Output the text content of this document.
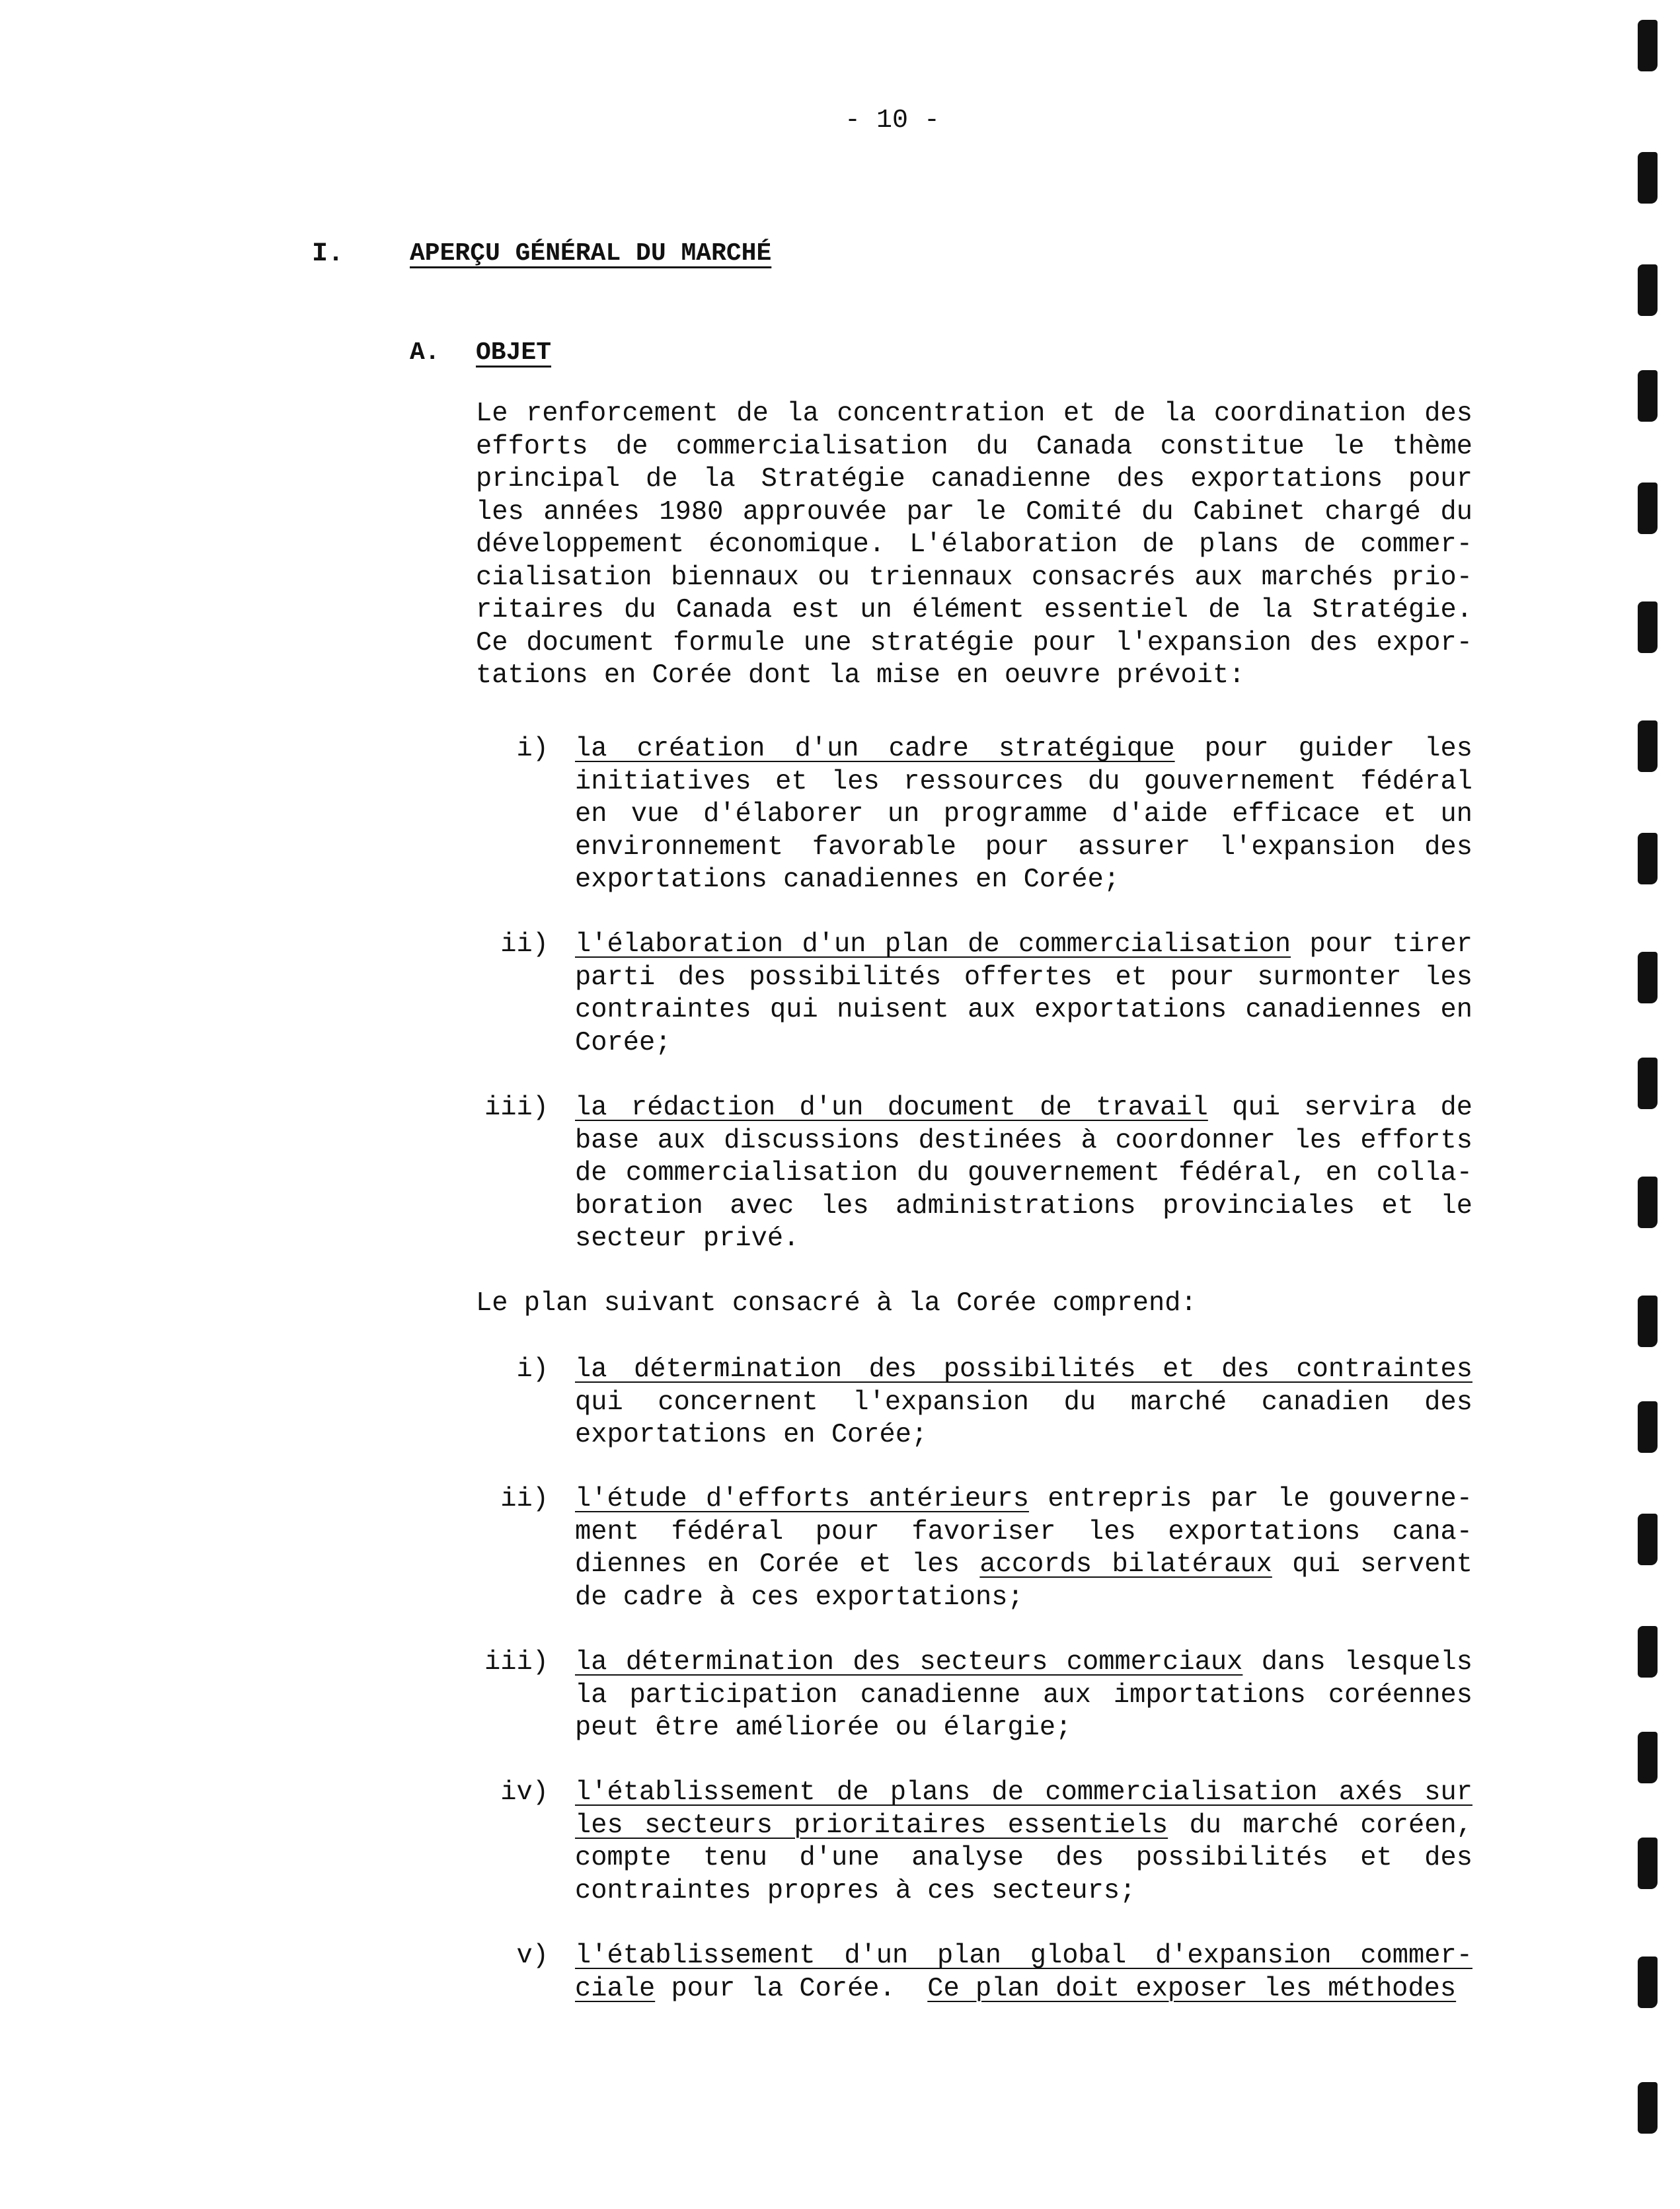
- 10 -
I.	APERÇU GÉNÉRAL DU MARCHÉ
A. OBJET
Le renforcement de la concentration et de la coordination des
efforts de commercialisation du Canada constitue le thème
principal de la Stratégie canadienne des exportations pour
les années 1980 approuvée par le Comité du Cabinet chargé du
développement économique. L'élaboration de plans de commer-
cialisation biennaux ou triennaux consacrés aux marchés prio-
ritaires du Canada est un élément essentiel de la Stratégie.
Ce document formule une stratégie pour l'expansion des expor-
tations en Corée dont la mise en oeuvre prévoit:
i) la création d'un cadre stratégique pour guider les
initiatives et les ressources du gouvernement fédéral
en vue d'élaborer un programme d'aide efficace et un
environnement favorable pour assurer l'expansion des
exportations canadiennes en Corée;
ii) l'élaboration d'un plan de commercialisation pour tirer
parti des possibilités offertes et pour surmonter les
contraintes qui nuisent aux exportations canadiennes en
Corée;
iii) la rédaction d'un document de travail qui servira de
base aux discussions destinées à coordonner les efforts
de commercialisation du gouvernement fédéral, en colla-
boration avec les administrations provinciales et le
secteur privé.
Le plan suivant consacré à la Corée comprend:
i) la détermination des possibilités et des contraintes
qui concernent l'expansion du marché canadien des
exportations en Corée;
ii) l'étude d'efforts antérieurs entrepris par le gouverne-
ment fédéral pour favoriser les exportations cana-
diennes en Corée et les accords bilatéraux qui servent
de cadre à ces exportations;
iii) la détermination des secteurs commerciaux dans lesquels
la participation canadienne aux importations coréennes
peut être améliorée ou élargie;
iv) l'établissement de plans de commercialisation axés sur
les secteurs prioritaires essentiels du marché coréen,
compte tenu d'une analyse des possibilités et des
contraintes propres à ces secteurs;
v) l'établissement d'un plan global d'expansion commer-
ciale pour la Corée.  Ce plan doit exposer les méthodes
